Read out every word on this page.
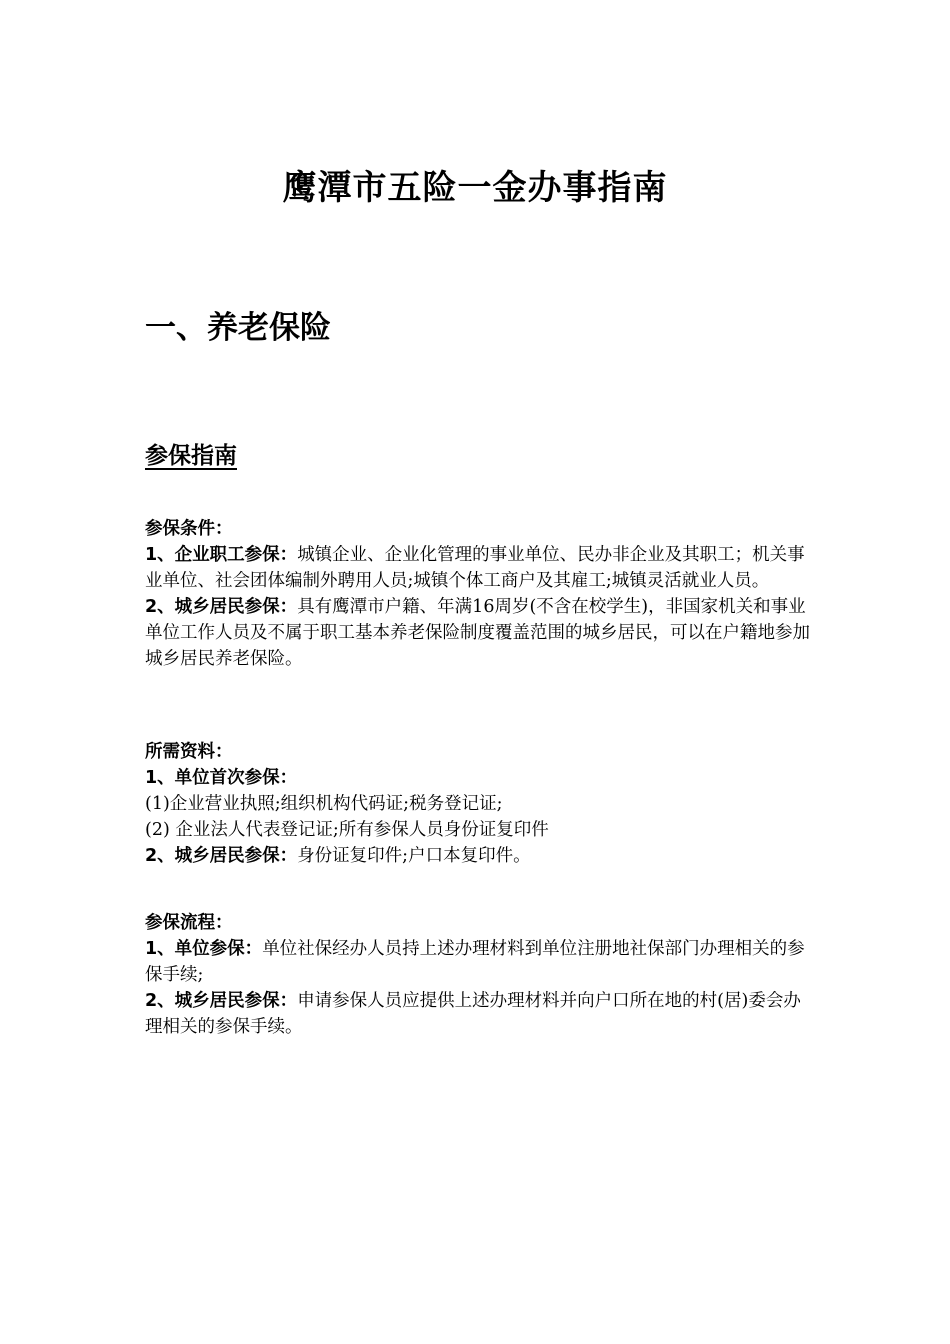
鹰潭市五险一金办事指南
一、养老保险
参保指南

参保条件：

1、企业职工参保：城镇企业、企业化管理的事业单位、民办非企业及其职工；机关事业单位、社会团体编制外聘用人员;城镇个体工商户及其雇工;城镇灵活就业人员。

2、城乡居民参保：具有鹰潭市户籍、年满16周岁(不含在校学生)，非国家机关和事业单位工作人员及不属于职工基本养老保险制度覆盖范围的城乡居民，可以在户籍地参加城乡居民养老保险。

所需资料：

1、单位首次参保：

(1)企业营业执照;组织机构代码证;税务登记证;

(2) 企业法人代表登记证;所有参保人员身份证复印件

2、城乡居民参保：身份证复印件;户口本复印件。

参保流程：

1、单位参保：单位社保经办人员持上述办理材料到单位注册地社保部门办理相关的参保手续;

2、城乡居民参保：申请参保人员应提供上述办理材料并向户口所在地的村(居)委会办理相关的参保手续。
